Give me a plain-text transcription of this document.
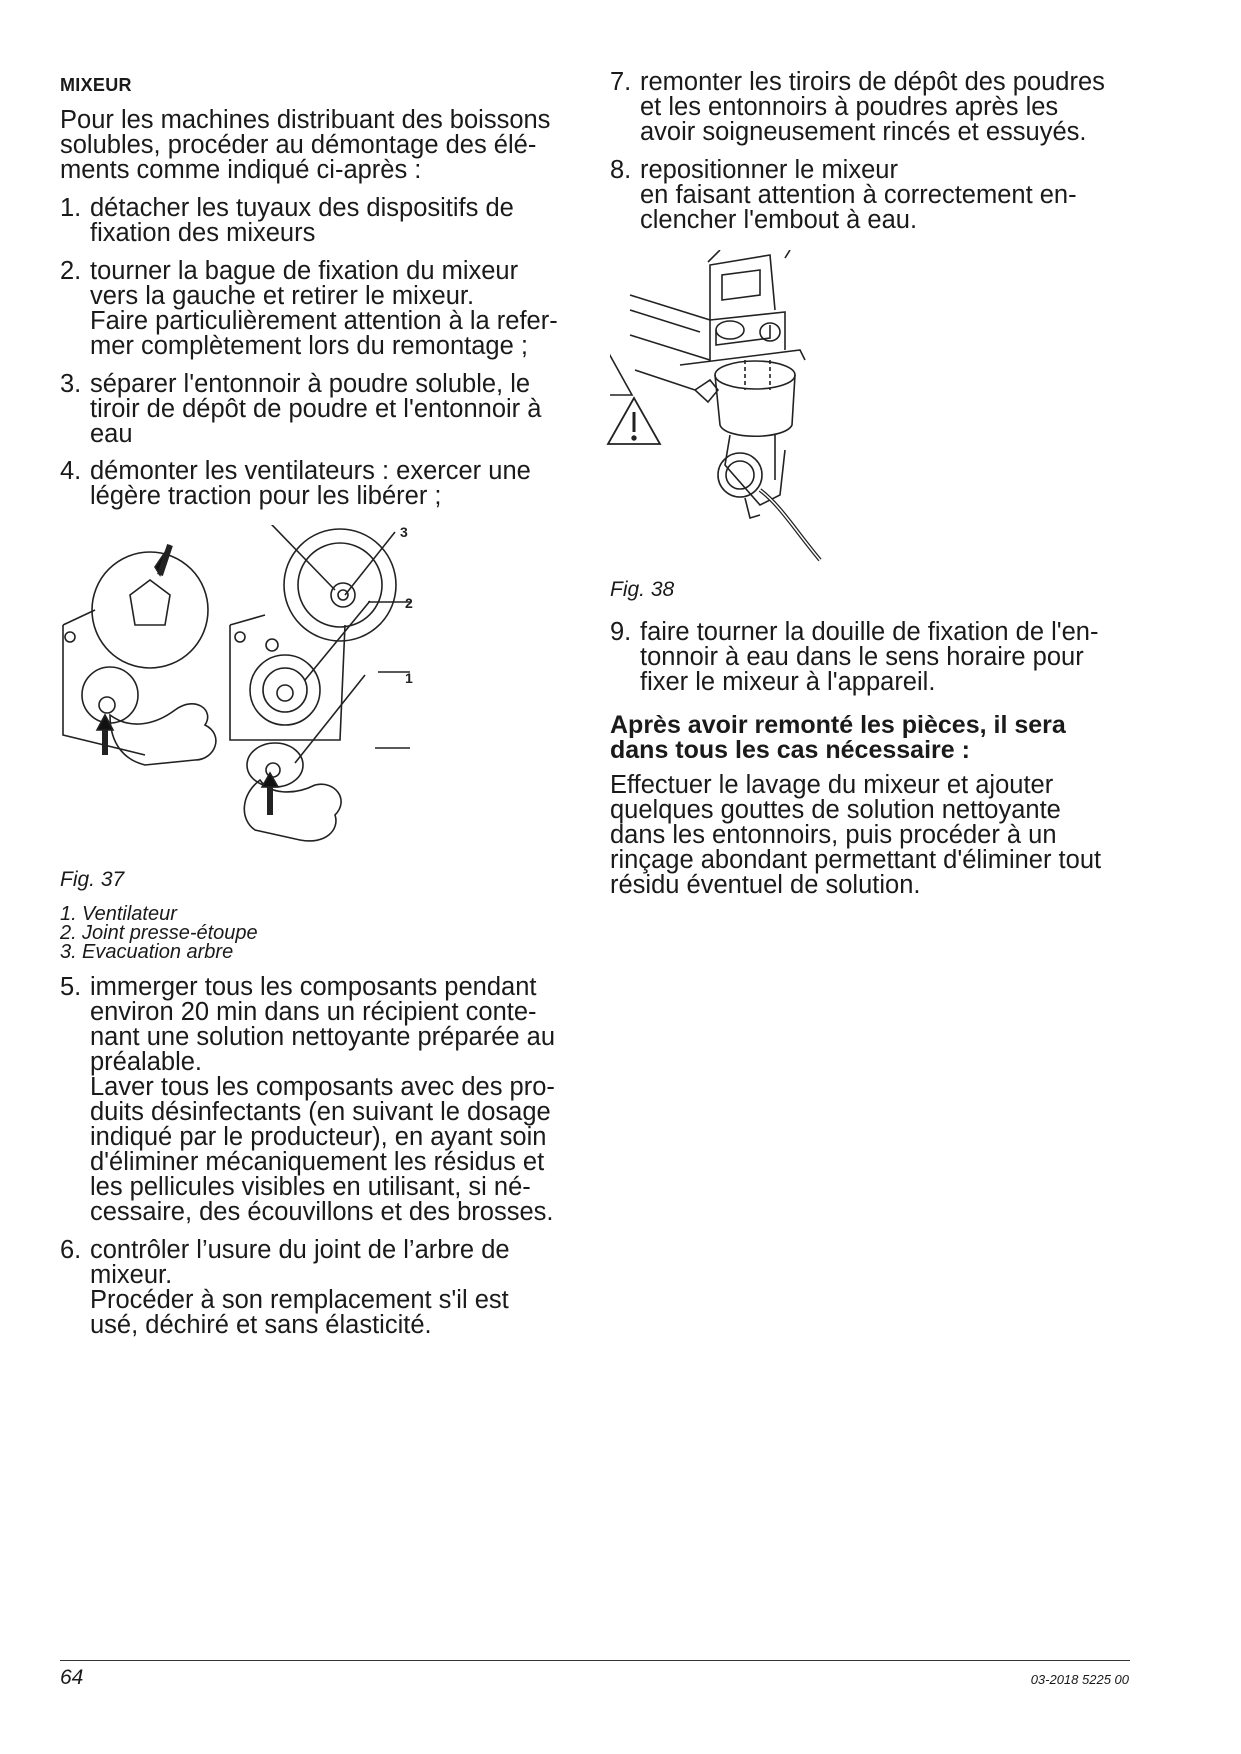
MIXEUR
Pour les machines distribuant des boissons
solubles, procéder au démontage des élé-
ments comme indiqué ci-après :
1. détacher les tuyaux des dispositifs de
fixation des mixeurs
2. tourner la bague de fixation du mixeur
vers la gauche et retirer le mixeur.
Faire particulièrement attention à la refer-
mer complètement lors du remontage ;
3. séparer l'entonnoir à poudre soluble, le
tiroir de dépôt de poudre et l'entonnoir à
eau
4. démonter les ventilateurs : exercer une
légère traction pour les libérer ;
3
2
1
Fig. 37
1. Ventilateur
2. Joint presse-étoupe
3. Evacuation arbre
5. immerger tous les composants pendant
environ 20 min dans un récipient conte-
nant une solution nettoyante préparée au
préalable.
Laver tous les composants avec des pro-
duits désinfectants (en suivant le dosage
indiqué par le producteur), en ayant soin
d'éliminer mécaniquement les résidus et
les pellicules visibles en utilisant, si né-
cessaire, des écouvillons et des brosses.
6. contrôler l’usure du joint de l’arbre de
mixeur.
Procéder à son remplacement s'il est
usé, déchiré et sans élasticité.
7. remonter les tiroirs de dépôt des poudres
et les entonnoirs à poudres après les
avoir soigneusement rincés et essuyés.
8. repositionner le mixeur
en faisant attention à correctement en-
clencher l'embout à eau.
Fig. 38
9. faire tourner la douille de fixation de l'en-
tonnoir à eau dans le sens horaire pour
fixer le mixeur à l'appareil.
Après avoir remonté les pièces, il sera
dans tous les cas nécessaire :
Effectuer le lavage du mixeur et ajouter
quelques gouttes de solution nettoyante
dans les entonnoirs, puis procéder à un
rinçage abondant permettant d'éliminer tout
résidu éventuel de solution.
64	03-2018 5225 00
